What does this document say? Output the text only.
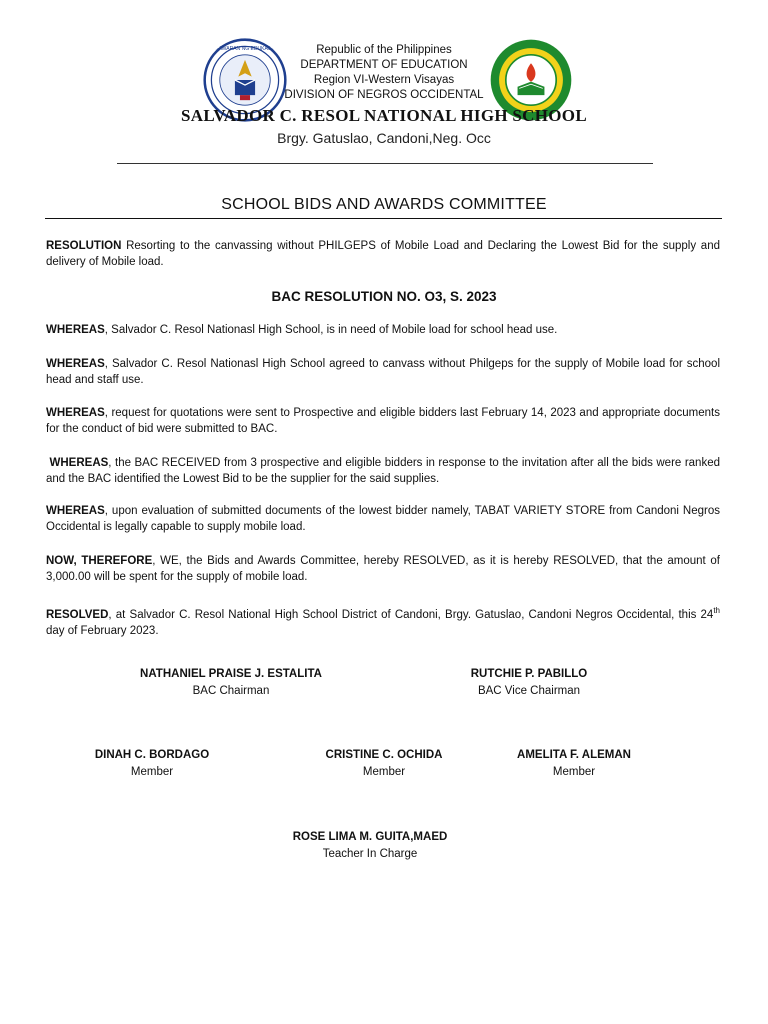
KAGAWARAN NG EDUKASYON	Republic of the Philippines
DEPARTMENT OF EDUCATION
Region VI-Western Visayas
DIVISION OF NEGROS OCCIDENTAL
SALVADOR C. RESOL NATIONAL HIGH SCHOOL
Brgy. Gatuslao, Candoni,Neg. Occ
SCHOOL BIDS AND AWARDS COMMITTEE
RESOLUTION Resorting to the canvassing without PHILGEPS of Mobile Load and Declaring the Lowest Bid for the supply and delivery of Mobile load.
BAC RESOLUTION NO. O3, S. 2023
WHEREAS, Salvador C. Resol Nationasl High School, is in need of Mobile load for school head use.
WHEREAS, Salvador C. Resol Nationasl High School agreed to canvass without Philgeps for the supply of Mobile load for school head and staff use.
WHEREAS, request for quotations were sent to Prospective and eligible bidders last February 14, 2023 and appropriate documents for the conduct of bid were submitted to BAC.
WHEREAS, the BAC RECEIVED from 3 prospective and eligible bidders in response to the invitation after all the bids were ranked and the BAC identified the Lowest Bid to be the supplier for the said supplies.
WHEREAS, upon evaluation of submitted documents of the lowest bidder namely, TABAT VARIETY STORE from Candoni Negros Occidental is legally capable to supply mobile load.
NOW, THEREFORE, WE, the Bids and Awards Committee, hereby RESOLVED, as it is hereby RESOLVED, that the amount of 3,000.00 will be spent for the supply of mobile load.
RESOLVED, at Salvador C. Resol National High School District of Candoni, Brgy. Gatuslao, Candoni Negros Occidental, this 24th day of February 2023.
NATHANIEL PRAISE J. ESTALITA
BAC Chairman
RUTCHIE P. PABILLO
BAC Vice Chairman
DINAH C. BORDAGO
Member
CRISTINE C. OCHIDA
Member
AMELITA F. ALEMAN
Member
ROSE LIMA M. GUITA,MAED
Teacher In Charge
